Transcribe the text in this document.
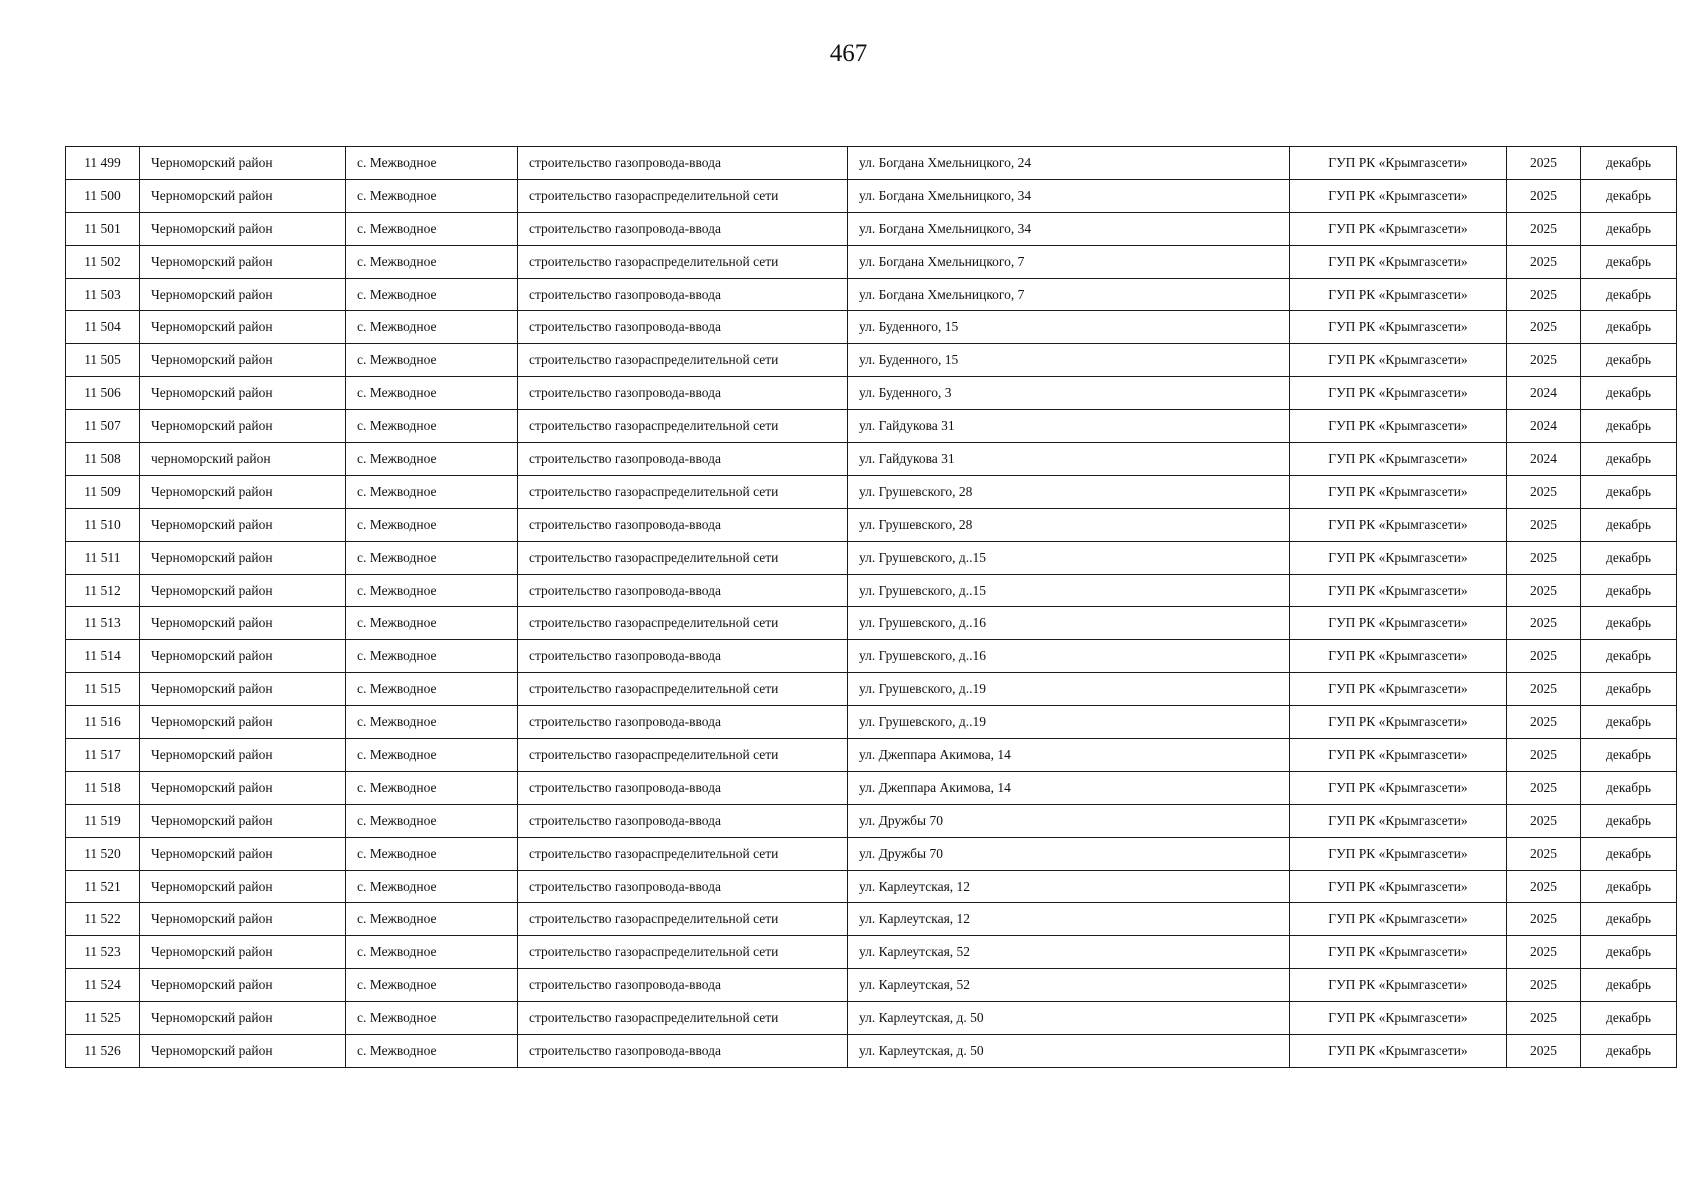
467
11 499	Черноморский район	с. Межводное	строительство газопровода-ввода	ул. Богдана Хмельницкого, 24	ГУП РК «Крымгазсети»	2025	декабрь
11 500	Черноморский район	с. Межводное	строительство газораспределительной сети	ул. Богдана Хмельницкого, 34	ГУП РК «Крымгазсети»	2025	декабрь
11 501	Черноморский район	с. Межводное	строительство газопровода-ввода	ул. Богдана Хмельницкого, 34	ГУП РК «Крымгазсети»	2025	декабрь
11 502	Черноморский район	с. Межводное	строительство газораспределительной сети	ул. Богдана Хмельницкого, 7	ГУП РК «Крымгазсети»	2025	декабрь
11 503	Черноморский район	с. Межводное	строительство газопровода-ввода	ул. Богдана Хмельницкого, 7	ГУП РК «Крымгазсети»	2025	декабрь
11 504	Черноморский район	с. Межводное	строительство газопровода-ввода	ул. Буденного, 15	ГУП РК «Крымгазсети»	2025	декабрь
11 505	Черноморский район	с. Межводное	строительство газораспределительной сети	ул. Буденного, 15	ГУП РК «Крымгазсети»	2025	декабрь
11 506	Черноморский район	с. Межводное	строительство газопровода-ввода	ул. Буденного, 3	ГУП РК «Крымгазсети»	2024	декабрь
11 507	Черноморский район	с. Межводное	строительство газораспределительной сети	ул. Гайдукова 31	ГУП РК «Крымгазсети»	2024	декабрь
11 508	черноморский район	с. Межводное	строительство газопровода-ввода	ул. Гайдукова 31	ГУП РК «Крымгазсети»	2024	декабрь
11 509	Черноморский район	с. Межводное	строительство газораспределительной сети	ул. Грушевского, 28	ГУП РК «Крымгазсети»	2025	декабрь
11 510	Черноморский район	с. Межводное	строительство газопровода-ввода	ул. Грушевского, 28	ГУП РК «Крымгазсети»	2025	декабрь
11 511	Черноморский район	с. Межводное	строительство газораспределительной сети	ул. Грушевского, д..15	ГУП РК «Крымгазсети»	2025	декабрь
11 512	Черноморский район	с. Межводное	строительство газопровода-ввода	ул. Грушевского, д..15	ГУП РК «Крымгазсети»	2025	декабрь
11 513	Черноморский район	с. Межводное	строительство газораспределительной сети	ул. Грушевского, д..16	ГУП РК «Крымгазсети»	2025	декабрь
11 514	Черноморский район	с. Межводное	строительство газопровода-ввода	ул. Грушевского, д..16	ГУП РК «Крымгазсети»	2025	декабрь
11 515	Черноморский район	с. Межводное	строительство газораспределительной сети	ул. Грушевского, д..19	ГУП РК «Крымгазсети»	2025	декабрь
11 516	Черноморский район	с. Межводное	строительство газопровода-ввода	ул. Грушевского, д..19	ГУП РК «Крымгазсети»	2025	декабрь
11 517	Черноморский район	с. Межводное	строительство газораспределительной сети	ул. Джеппара Акимова, 14	ГУП РК «Крымгазсети»	2025	декабрь
11 518	Черноморский район	с. Межводное	строительство газопровода-ввода	ул. Джеппара Акимова, 14	ГУП РК «Крымгазсети»	2025	декабрь
11 519	Черноморский район	с. Межводное	строительство газопровода-ввода	ул. Дружбы 70	ГУП РК «Крымгазсети»	2025	декабрь
11 520	Черноморский район	с. Межводное	строительство газораспределительной сети	ул. Дружбы 70	ГУП РК «Крымгазсети»	2025	декабрь
11 521	Черноморский район	с. Межводное	строительство газопровода-ввода	ул. Карлеутская, 12	ГУП РК «Крымгазсети»	2025	декабрь
11 522	Черноморский район	с. Межводное	строительство газораспределительной сети	ул. Карлеутская, 12	ГУП РК «Крымгазсети»	2025	декабрь
11 523	Черноморский район	с. Межводное	строительство газораспределительной сети	ул. Карлеутская, 52	ГУП РК «Крымгазсети»	2025	декабрь
11 524	Черноморский район	с. Межводное	строительство газопровода-ввода	ул. Карлеутская, 52	ГУП РК «Крымгазсети»	2025	декабрь
11 525	Черноморский район	с. Межводное	строительство газораспределительной сети	ул. Карлеутская, д. 50	ГУП РК «Крымгазсети»	2025	декабрь
11 526	Черноморский район	с. Межводное	строительство газопровода-ввода	ул. Карлеутская, д. 50	ГУП РК «Крымгазсети»	2025	декабрь
